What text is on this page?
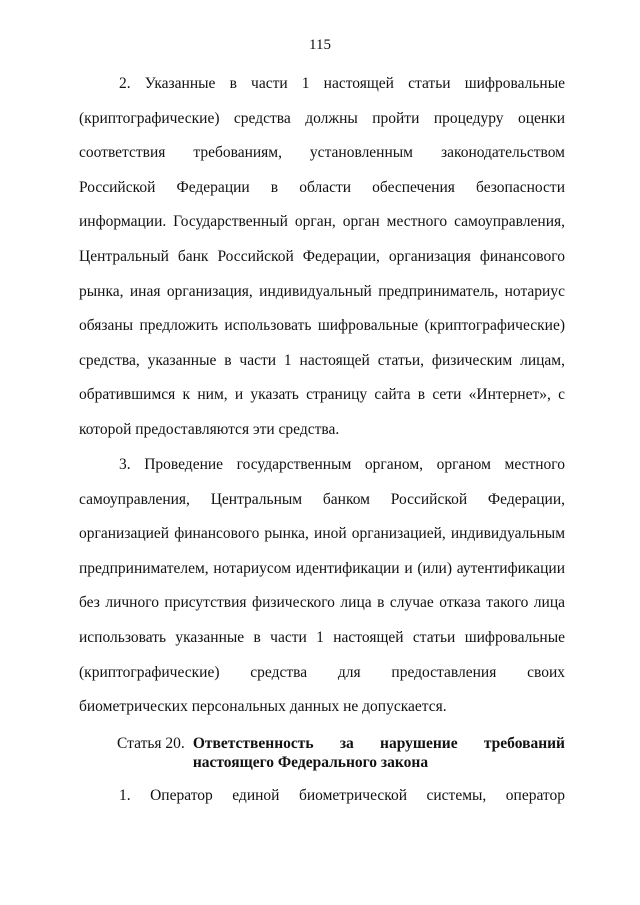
115

2. Указанные в части 1 настоящей статьи шифровальные (криптографические) средства должны пройти процедуру оценки соответствия требованиям, установленным законодательством Российской Федерации в области обеспечения безопасности информации. Государственный орган, орган местного самоуправления, Центральный банк Российской Федерации, организация финансового рынка, иная организация, индивидуальный предприниматель, нотариус обязаны предложить использовать шифровальные (криптографические) средства, указанные в части 1 настоящей статьи, физическим лицам, обратившимся к ним, и указать страницу сайта в сети «Интернет», с которой предоставляются эти средства.

3. Проведение государственным органом, органом местного самоуправления, Центральным банком Российской Федерации, организацией финансового рынка, иной организацией, индивидуальным предпринимателем, нотариусом идентификации и (или) аутентификации без личного присутствия физического лица в случае отказа такого лица использовать указанные в части 1 настоящей статьи шифровальные (криптографические) средства для предоставления своих биометрических персональных данных не допускается.

Статья 20. Ответственность за нарушение требований настоящего Федерального закона

1. Оператор единой биометрической системы, оператор
